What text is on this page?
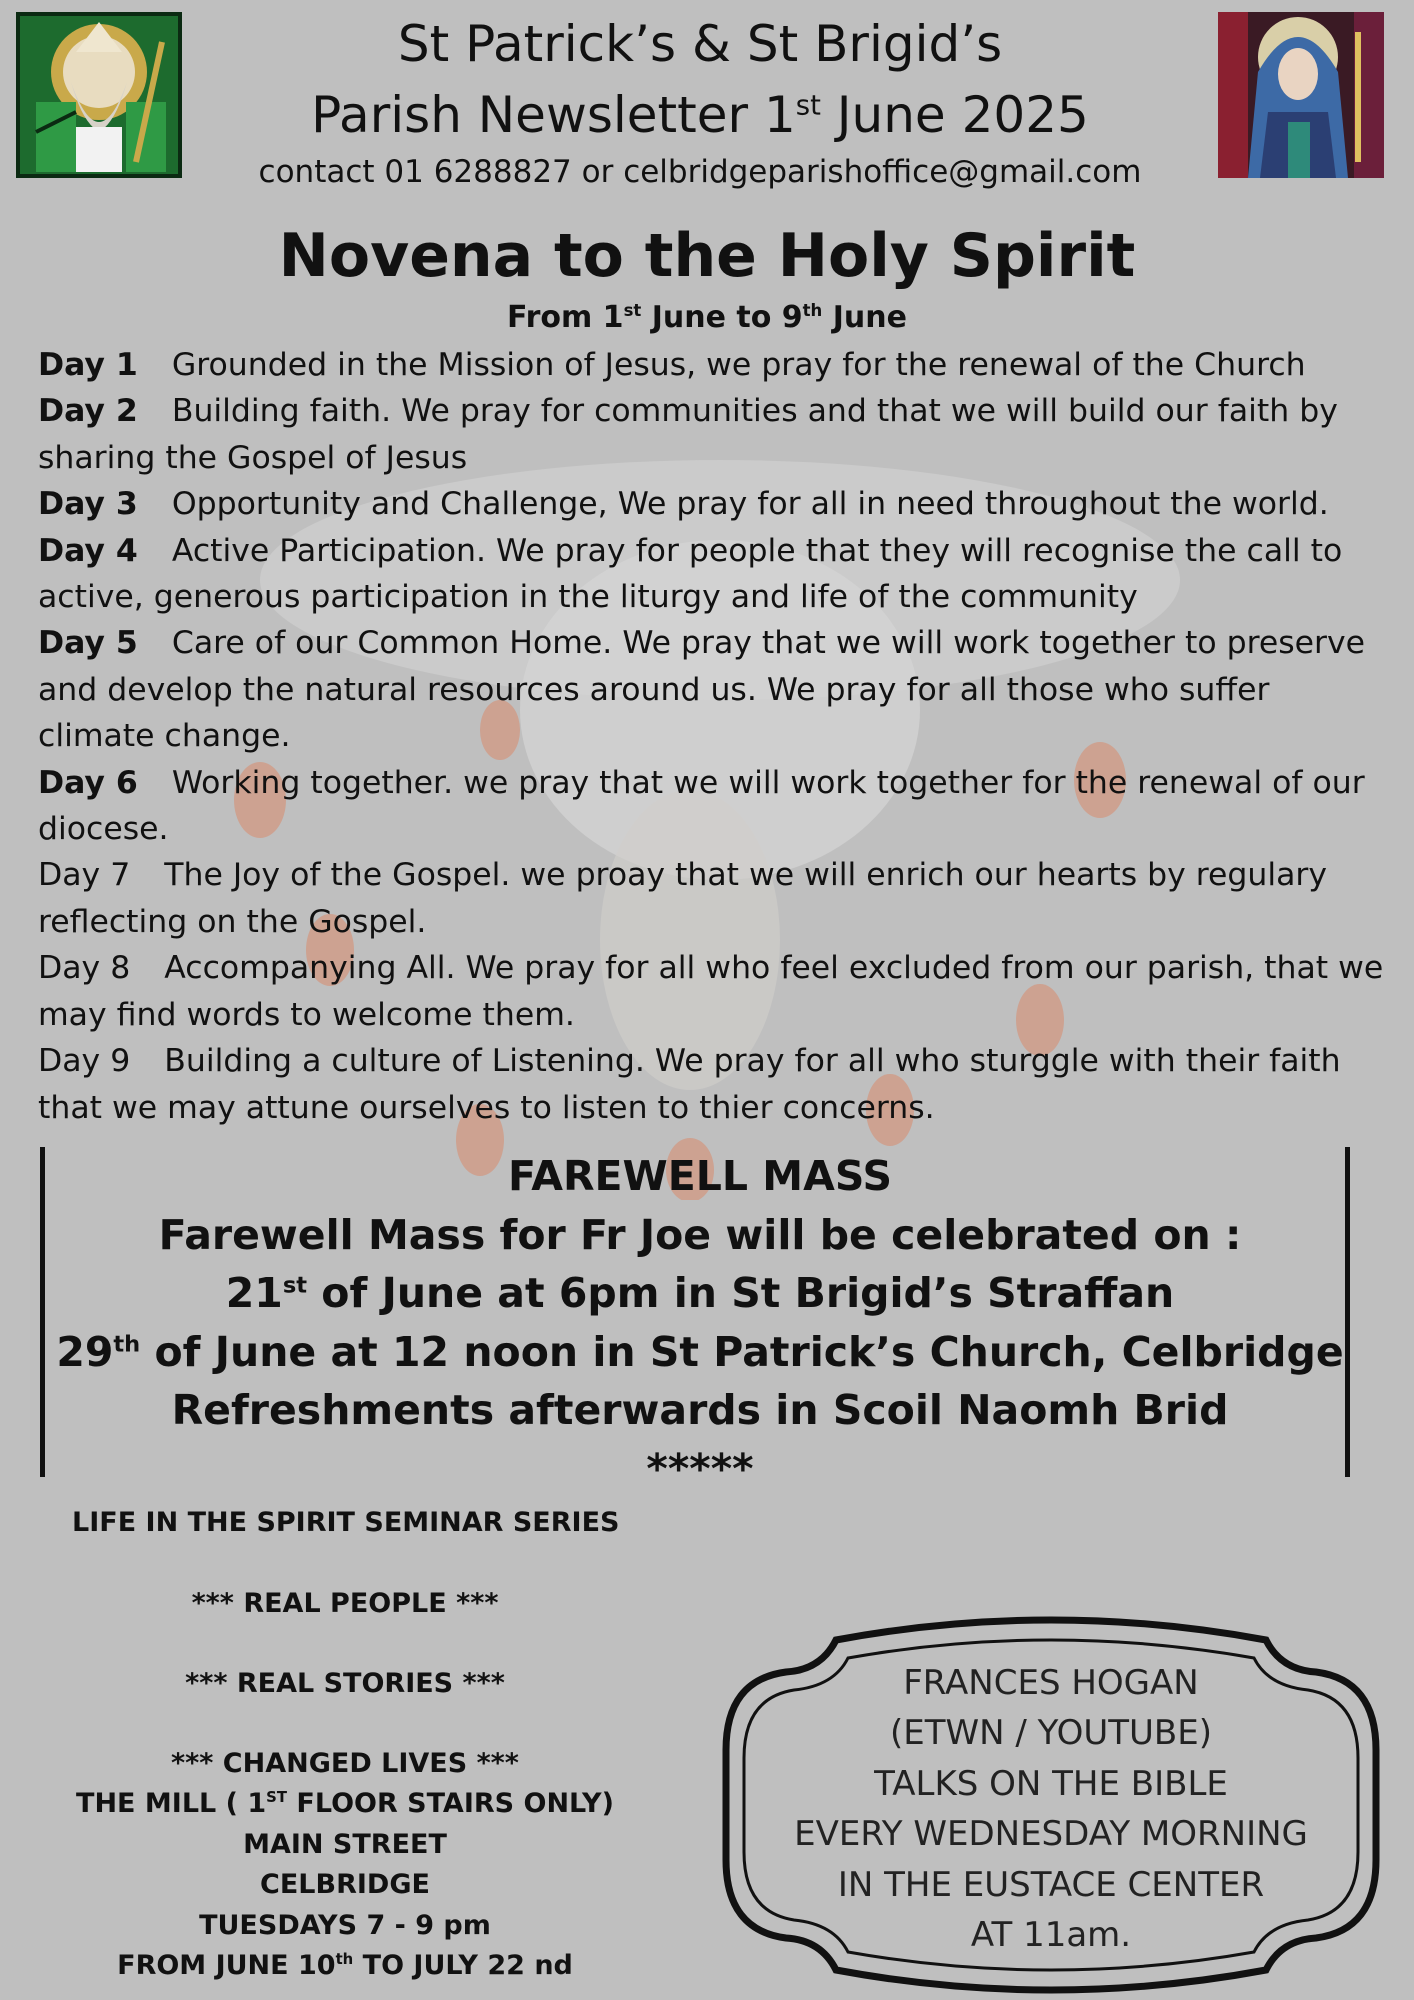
St Patrick’s & St Brigid’s
Parish Newsletter 1st June 2025
contact 01 6288827 or celbridgeparishoffice@gmail.com
Novena to the Holy Spirit
From 1st June to 9th June

Day 1 Grounded in the Mission of Jesus, we pray for the renewal of the Church

Day 2 Building faith. We pray for communities and that we will build our faith by sharing the Gospel of Jesus

Day 3 Opportunity and Challenge, We pray for all in need throughout the world.

Day 4 Active Participation. We pray for people that they will recognise the call to active, generous participation in the liturgy and life of the community

Day 5 Care of our Common Home. We pray that we will work together to preserve and develop the natural resources around us. We pray for all those who suffer climate change.

Day 6 Working together. we pray that we will work together for the renewal of our diocese.

Day 7 The Joy of the Gospel. we proay that we will enrich our hearts by regulary reflecting on the Gospel.

Day 8 Accompanying All. We pray for all who feel excluded from our parish, that we may find words to welcome them.

Day 9 Building a culture of Listening. We pray for all who sturggle with their faith that we may attune ourselves to listen to thier concerns.

FAREWELL MASS

Farewell Mass for Fr Joe will be celebrated on :

21st of June at 6pm in St Brigid’s Straffan

29th of June at 12 noon in St Patrick’s Church, Celbridge

Refreshments afterwards in Scoil Naomh Brid

*****

LIFE IN THE SPIRIT SEMINAR SERIES

*** REAL PEOPLE ***

*** REAL STORIES ***

*** CHANGED LIVES ***

THE MILL ( 1ST FLOOR STAIRS ONLY)

MAIN STREET

CELBRIDGE

TUESDAYS 7 - 9 pm

FROM JUNE 10th TO JULY 22 nd

FRANCES HOGAN

(ETWN / YOUTUBE)

TALKS ON THE BIBLE

EVERY WEDNESDAY MORNING

IN THE EUSTACE CENTER

AT 11am.
